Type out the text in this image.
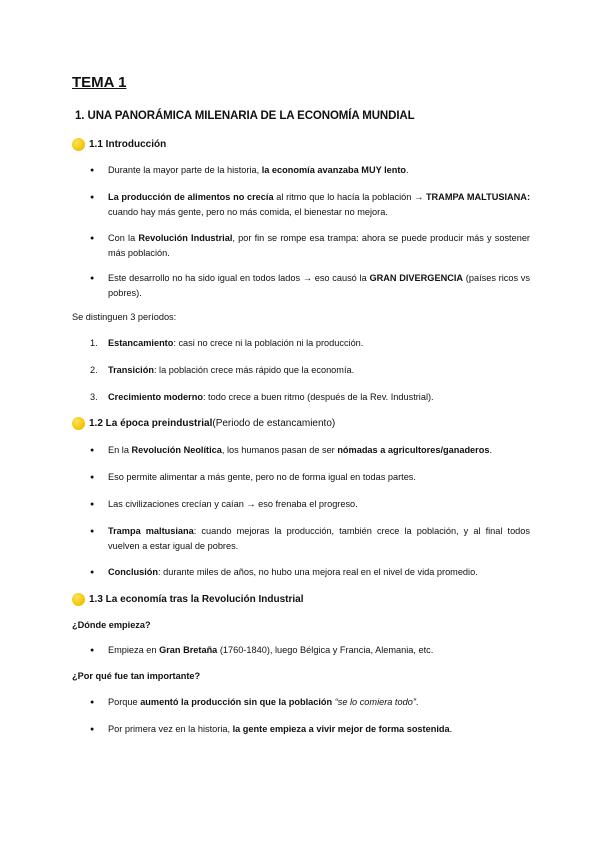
TEMA 1
1. UNA PANORÁMICA MILENARIA DE LA ECONOMÍA MUNDIAL
1.1 Introducción
●
Durante la mayor parte de la historia, la economía avanzaba MUY lento.
●
La producción de alimentos no crecía al ritmo que lo hacía la población → TRAMPA MALTUSIANA: cuando hay más gente, pero no más comida, el bienestar no mejora.
●
Con la Revolución Industrial, por fin se rompe esa trampa: ahora se puede producir más y sostener más población.
●
Este desarrollo no ha sido igual en todos lados → eso causó la GRAN DIVERGENCIA (países ricos vs pobres).
Se distinguen 3 períodos:
1.	Estancamiento: casi no crece ni la población ni la producción.
2.	Transición: la población crece más rápido que la economía.
3.	Crecimiento moderno: todo crece a buen ritmo (después de la Rev. Industrial).
1.2 La época preindustrial (Periodo de estancamiento)
●
En la Revolución Neolítica, los humanos pasan de ser nómadas a agricultores/ganaderos.
●
Eso permite alimentar a más gente, pero no de forma igual en todas partes.
●
Las civilizaciones crecían y caían → eso frenaba el progreso.
●
Trampa maltusiana: cuando mejoras la producción, también crece la población, y al final todos vuelven a estar igual de pobres.
●
Conclusión: durante miles de años, no hubo una mejora real en el nivel de vida promedio.
1.3 La economía tras la Revolución Industrial
¿Dónde empieza?
●
Empieza en Gran Bretaña (1760-1840), luego Bélgica y Francia, Alemania, etc.
¿Por qué fue tan importante?
●
Porque aumentó la producción sin que la población “se lo comiera todo”.
●
Por primera vez en la historia, la gente empieza a vivir mejor de forma sostenida.
